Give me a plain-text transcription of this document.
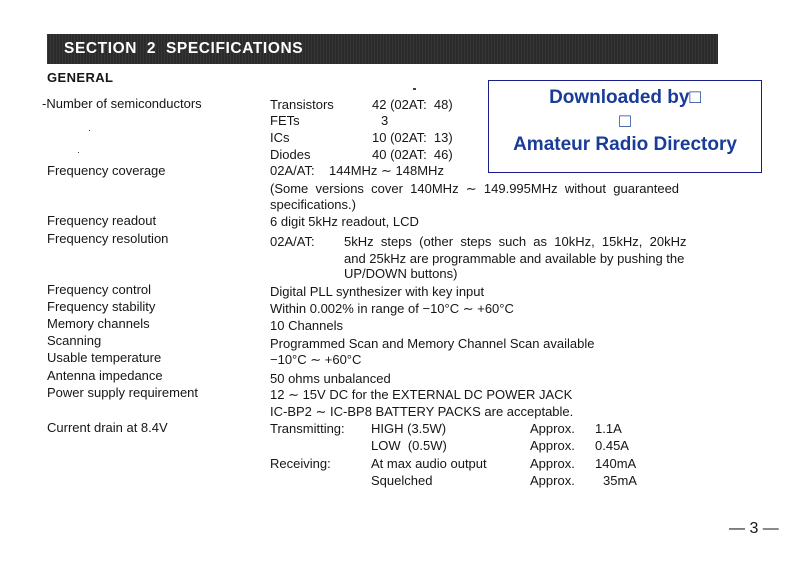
SECTION  2  SPECIFICATIONS
GENERAL
Downloaded by□
□
Amateur Radio Directory
-Number of semiconductors	Transistors	42 (02AT:  48)
FETs	3
ICs	10 (02AT:  13)
Diodes	40 (02AT:  46)
Frequency coverage	02A/AT:    144MHz ∼ 148MHz
(Some  versions  cover  140MHz  ∼  149.995MHz  without  guaranteed
specifications.)
Frequency readout	6 digit 5kHz readout, LCD
Frequency resolution	02A/AT: 5kHz  steps  (other  steps  such  as  10kHz,  15kHz,  20kHz
and 25kHz are programmable and available by pushing the
UP/DOWN buttons)
Frequency control	Digital PLL synthesizer with key input
Frequency stability	Within 0.002% in range of −10°C ∼ +60°C
Memory channels	10 Channels
Scanning	Programmed Scan and Memory Channel Scan available
Usable temperature	−10°C ∼ +60°C
Antenna impedance	50 ohms unbalanced
Power supply requirement	12 ∼ 15V DC for the EXTERNAL DC POWER JACK
IC-BP2 ∼ IC-BP8 BATTERY PACKS are acceptable.
Current drain at 8.4V	Transmitting: HIGH (3.5W)	Approx. 1.1A
LOW  (0.5W)	Approx. 0.45A
Receiving:	At max audio output	Approx. 140mA
Squelched	Approx. 35mA
— 3 —
